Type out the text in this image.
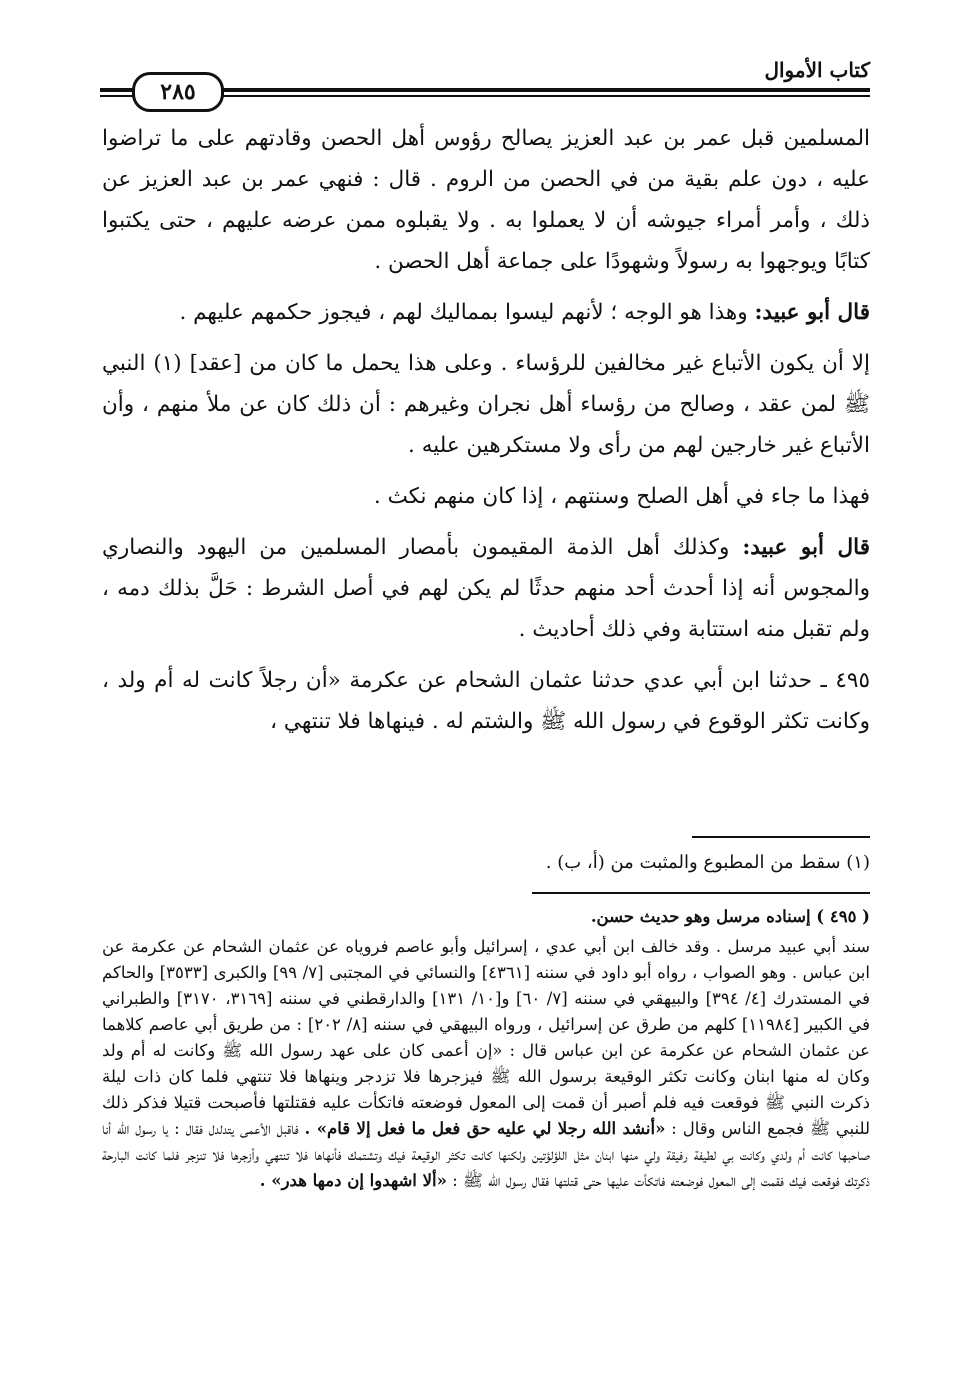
كتاب الأموال
٢٨٥

المسلمين قبل عمر بن عبد العزيز يصالح رؤوس أهل الحصن وقادتهم على ما تراضوا عليه ، دون علم بقية من في الحصن من الروم . قال : فنهي عمر بن عبد العزيز عن ذلك ، وأمر أمراء جيوشه أن لا يعملوا به . ولا يقبلوه ممن عرضه عليهم ، حتى يكتبوا كتابًا ويوجهوا به رسولاً وشهودًا على جماعة أهل الحصن .

قال أبو عبيد: وهذا هو الوجه ؛ لأنهم ليسوا بمماليك لهم ، فيجوز حكمهم عليهم .

إلا أن يكون الأتباع غير مخالفين للرؤساء . وعلى هذا يحمل ما كان من [عقد] (١) النبي ﷺ لمن عقد ، وصالح من رؤساء أهل نجران وغيرهم : أن ذلك كان عن ملأ منهم ، وأن الأتباع غير خارجين لهم من رأى ولا مستكرهين عليه .

فهذا ما جاء في أهل الصلح وسنتهم ، إذا كان منهم نكث .

قال أبو عبيد: وكذلك أهل الذمة المقيمون بأمصار المسلمين من اليهود والنصاري والمجوس أنه إذا أحدث أحد منهم حدثًا لم يكن لهم في أصل الشرط : حَلَّ بذلك دمه ، ولم تقبل منه استتابة وفي ذلك أحاديث .

٤٩٥ ـ حدثنا ابن أبي عدي حدثنا عثمان الشحام عن عكرمة «أن رجلاً كانت له أم ولد ، وكانت تكثر الوقوع في رسول الله ﷺ والشتم له . فينهاها فلا تنتهي ،

(١) سقط من المطبوع والمثبت من (أ، ب) .
( ٤٩٥ ) إسناده مرسل وهو حديث حسن.

سند أبي عبيد مرسل . وقد خالف ابن أبي عدي ، إسرائيل وأبو عاصم فروياه عن عثمان الشحام عن عكرمة عن ابن عباس . وهو الصواب ، رواه أبو داود في سننه [٤٣٦١] والنسائي في المجتبى [٧/ ٩٩] والكبرى [٣٥٣٣] والحاكم في المستدرك [٤/ ٣٩٤] والبيهقي في سننه [٧/ ٦٠] و[١٠/ ١٣١] والدارقطني في سننه [٣١٦٩، ٣١٧٠] والطبراني في الكبير [١١٩٨٤] كلهم من طرق عن إسرائيل ، ورواه البيهقي في سننه [٨/ ٢٠٢] : من طريق أبي عاصم كلاهما عن عثمان الشحام عن عكرمة عن ابن عباس قال : «إن أعمى كان على عهد رسول الله ﷺ وكانت له أم ولد وكان له منها ابنان وكانت تكثر الوقيعة برسول الله ﷺ فيزجرها فلا تزدجر وينهاها فلا تنتهي فلما كان ذات ليلة ذكرت النبي ﷺ فوقعت فيه فلم أصبر أن قمت إلى المعول فوضعته فاتكأت عليه فقتلتها فأصبحت قتيلا فذكر ذلك للنبي ﷺ فجمع الناس وقال : «أنشد الله رجلا لي عليه حق فعل ما فعل إلا قام» . فاقبل الأعمى يتدلدل فقال : يا رسول الله أنا صاحبها كانت أم ولدي وكانت بي لطيفة رفيقة ولي منها ابنان مثل اللؤلؤتين ولكنها كانت تكثر الوقيعة فيك وتشتمك فأنهاها فلا تنتهي وأزجرها فلا تنزجر فلما كانت البارحة ذكرتك فوقعت فيك فقمت إلى المعول فوضعته فاتكأت عليها حتى قتلتها فقال رسول الله ﷺ : «ألا اشهدوا إن دمها هدر» .
